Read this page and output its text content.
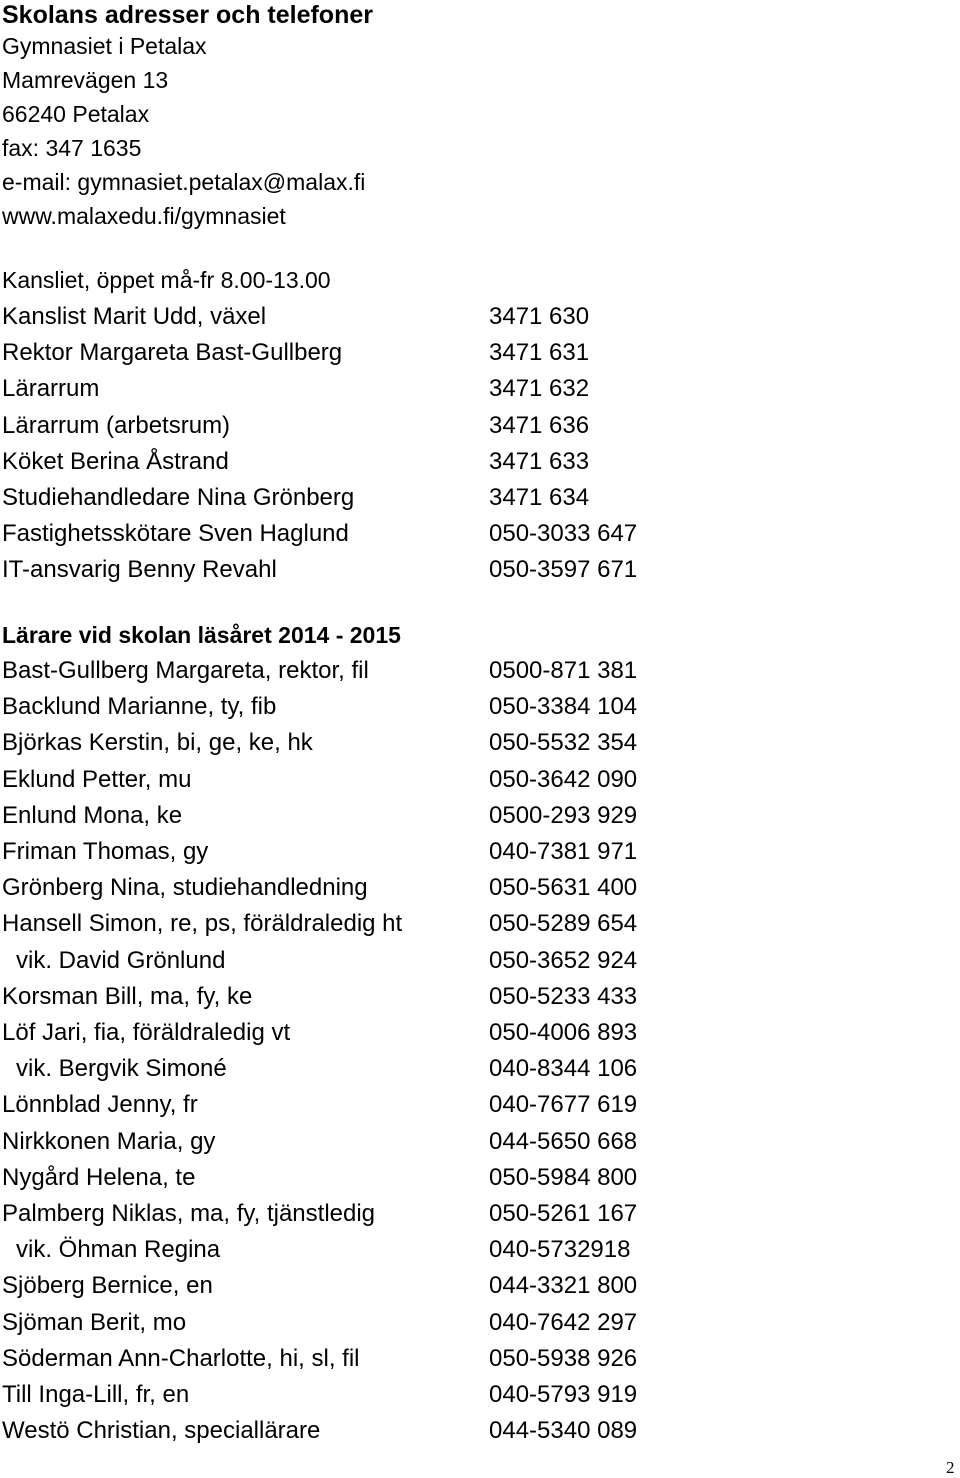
Skolans adresser och telefoner

Gymnasiet i Petalax

Mamrevägen 13

66240 Petalax

fax: 347 1635

e-mail: gymnasiet.petalax@malax.fi

www.malaxedu.fi/gymnasiet

Kansliet, öppet må-fr 8.00-13.00

Kanslist Marit Udd, växel	3471 630
Rektor Margareta Bast-Gullberg	3471 631
Lärarrum	3471 632
Lärarrum (arbetsrum)	3471 636
Köket Berina Åstrand	3471 633
Studiehandledare Nina Grönberg	3471 634
Fastighetsskötare Sven Haglund	050-3033 647
IT-ansvarig Benny Revahl	050-3597 671
Lärare vid skolan läsåret 2014 - 2015
Bast-Gullberg Margareta, rektor, fil	0500-871 381
Backlund Marianne, ty, fib	050-3384 104
Björkas Kerstin, bi, ge, ke, hk	050-5532 354
Eklund Petter, mu	050-3642 090
Enlund Mona, ke	0500-293 929
Friman Thomas, gy	040-7381 971
Grönberg Nina, studiehandledning	050-5631 400
Hansell Simon, re, ps, föräldraledig ht	050-5289 654
vik. David Grönlund	050-3652 924
Korsman Bill, ma, fy, ke	050-5233 433
Löf Jari, fia, föräldraledig vt	050-4006 893
vik. Bergvik Simoné	040-8344 106
Lönnblad Jenny, fr	040-7677 619
Nirkkonen Maria, gy	044-5650 668
Nygård Helena, te	050-5984 800
Palmberg Niklas, ma, fy, tjänstledig	050-5261 167
vik. Öhman Regina	040-5732918
Sjöberg Bernice, en	044-3321 800
Sjöman Berit, mo	040-7642 297
Söderman Ann-Charlotte, hi, sl, fil	050-5938 926
Till Inga-Lill, fr, en	040-5793 919
Westö Christian, speciallärare	044-5340 089
2
